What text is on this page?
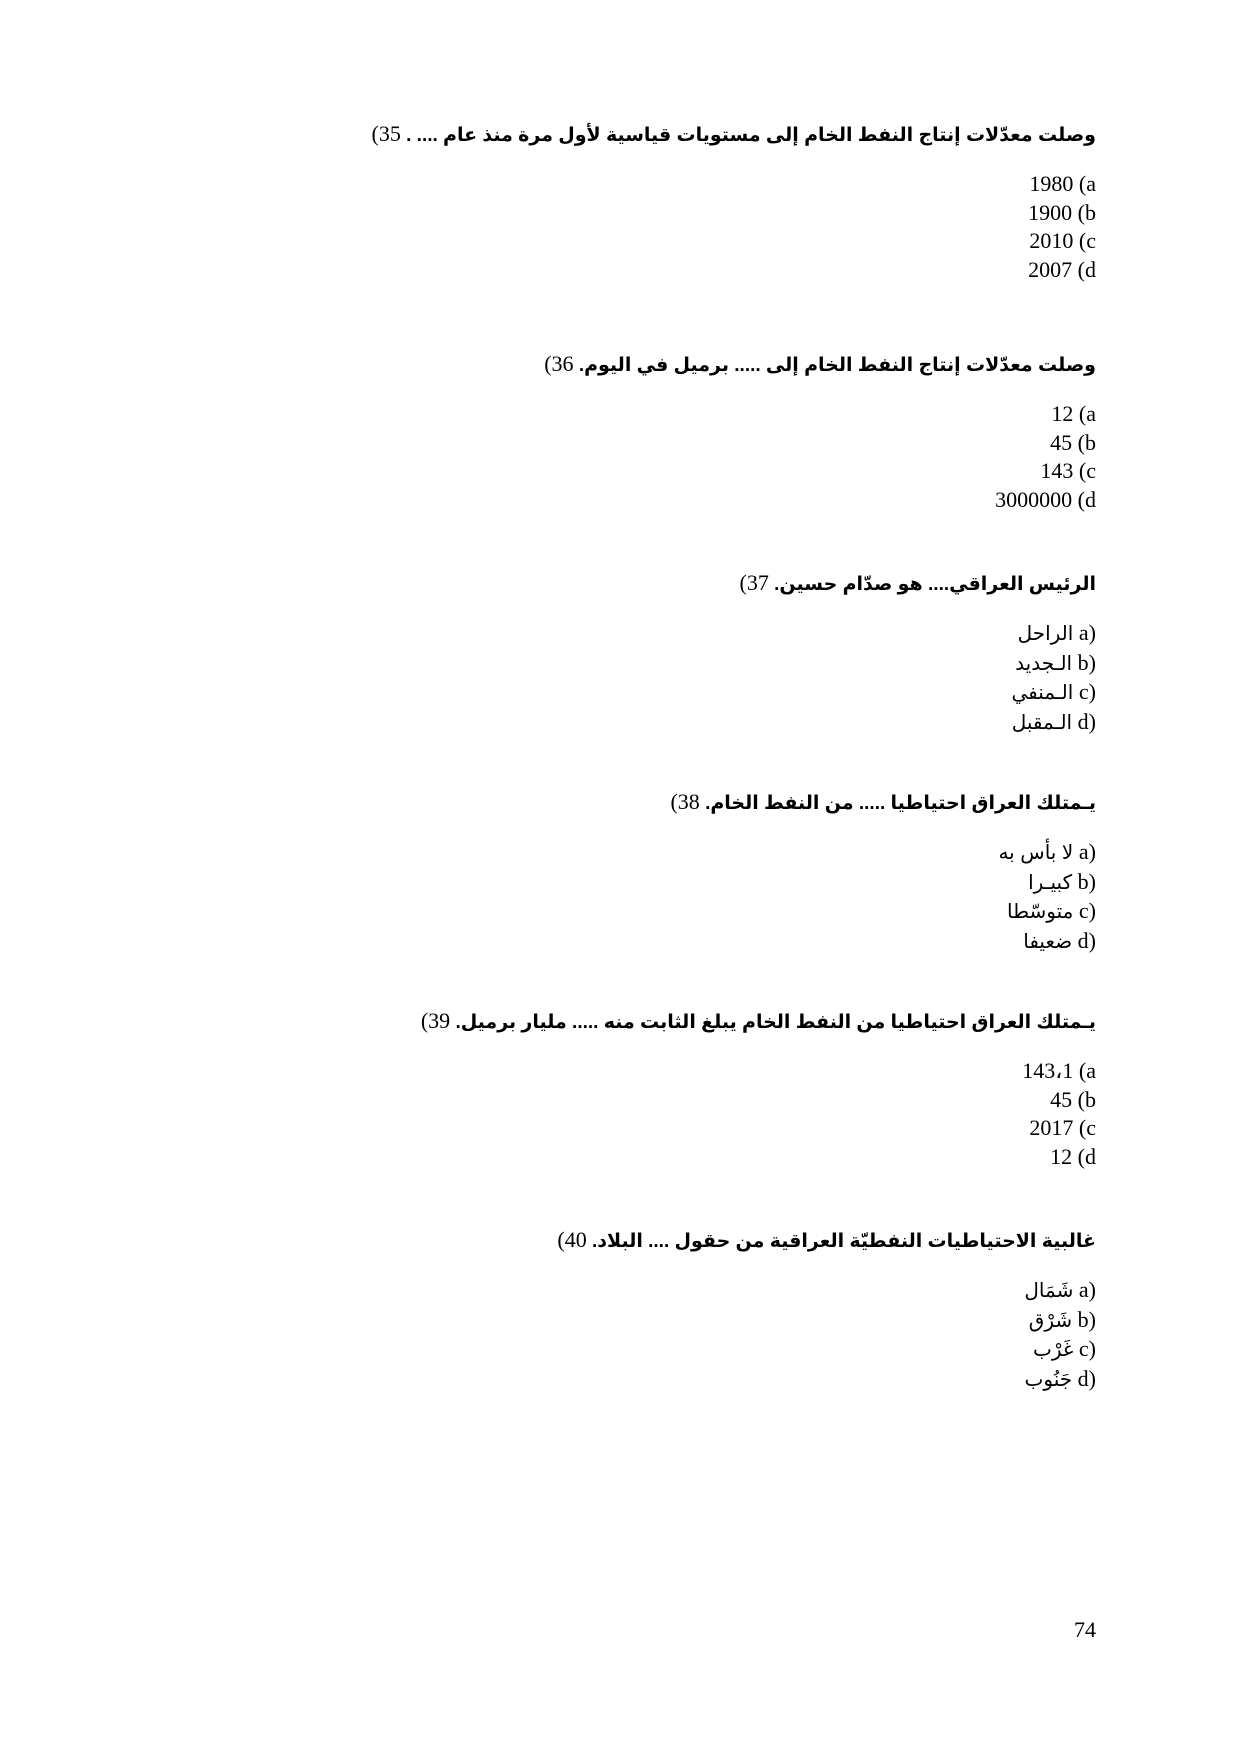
وصلت معدّلات إنتاج النفط الخام إلى مستويات قياسية لأول مرة منذ عام .... . 35)
1980 (a
1900 (b
2010 (c
2007 (d
وصلت معدّلات إنتاج النفط الخام إلى ..... برميل في اليوم. 36)
12 (a
45 (b
143 (c
3000000 (d
الرئيس العراقي.... هو صدّام حسين. 37)
الراحل a)
الـجديد b)
الـمنفي c)
الـمقبل d)
يـمتلك العراق احتياطيا ..... من النفط الخام. 38)
لا بأس به a)
كبيـرا b)
متوسّطا c)
ضعيفا d)
يـمتلك العراق احتياطيا من النفط الخام يبلغ الثابت منه ..... مليار برميل. 39)
143،1 (a
45 (b
2017 (c
12 (d
غالبية الاحتياطيات النفطيّة العراقية من حقول .... البلاد. 40)
شَمَال a)
شَرْق b)
غَرْب c)
جَنُوب d)
74
